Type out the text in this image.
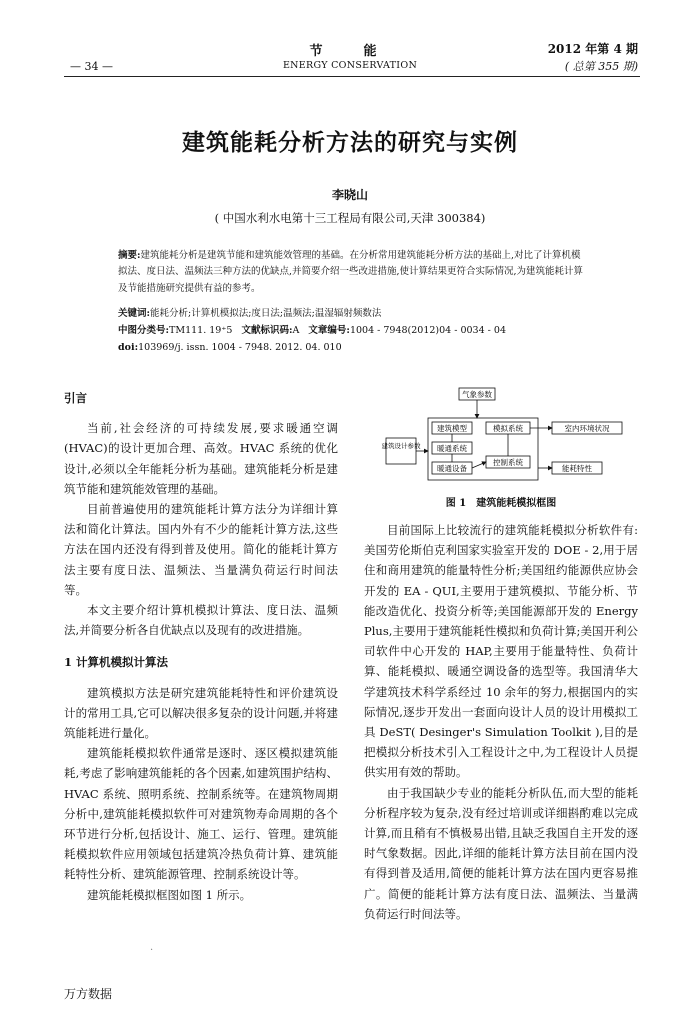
节　能
ENERGY CONSERVATION
2012 年第 4 期
( 总第 355 期)
— 34 —
建筑能耗分析方法的研究与实例
李晓山
( 中国水利水电第十三工程局有限公司,天津 300384)
摘要:建筑能耗分析是建筑节能和建筑能效管理的基础。在分析常用建筑能耗分析方法的基础上,对比了计算机模拟法、度日法、温频法三种方法的优缺点,并简要介绍一些改进措施,使计算结果更符合实际情况,为建筑能耗计算及节能措施研究提供有益的参考。
关键词:能耗分析;计算机模拟法;度日法;温频法;温湿辐射频数法
中图分类号:TM111. 19⁺5 文献标识码:A 文章编号:1004 - 7948(2012)04 - 0034 - 04
doi:103969/j. issn. 1004 - 7948. 2012. 04. 010
引言

当前,社会经济的可持续发展,要求暖通空调(HVAC)的设计更加合理、高效。HVAC 系统的优化设计,必须以全年能耗分析为基础。建筑能耗分析是建筑节能和建筑能效管理的基础。

目前普遍使用的建筑能耗计算方法分为详细计算法和简化计算法。国内外有不少的能耗计算方法,这些方法在国内还没有得到普及使用。简化的能耗计算方法主要有度日法、温频法、当量满负荷运行时间法等。

本文主要介绍计算机模拟计算法、度日法、温频法,并简要分析各自优缺点以及现有的改进措施。

1 计算机模拟计算法

建筑模拟方法是研究建筑能耗特性和评价建筑设计的常用工具,它可以解决很多复杂的设计问题,并将建筑能耗进行量化。

建筑能耗模拟软件通常是逐时、逐区模拟建筑能耗,考虑了影响建筑能耗的各个因素,如建筑围护结构、HVAC 系统、照明系统、控制系统等。在建筑物周期分析中,建筑能耗模拟软件可对建筑物寿命周期的各个环节进行分析,包括设计、施工、运行、管理。建筑能耗模拟软件应用领域包括建筑冷热负荷计算、建筑能耗特性分析、建筑能源管理、控制系统设计等。

建筑能耗模拟框图如图 1 所示。

气象参数
建筑设计参数
建筑模型
暖通系统
暖通设备
模拟系统
控制系统
室内环境状况
能耗特性
图 1　建筑能耗模拟框图

目前国际上比较流行的建筑能耗模拟分析软件有:美国劳伦斯伯克利国家实验室开发的 DOE - 2,用于居住和商用建筑的能量特性分析;美国纽约能源供应协会开发的 EA - QUI,主要用于建筑模拟、节能分析、节能改造优化、投资分析等;美国能源部开发的 Energy Plus,主要用于建筑能耗性模拟和负荷计算;美国开利公司软件中心开发的 HAP,主要用于能量特性、负荷计算、能耗模拟、暖通空调设备的选型等。我国清华大学建筑技术科学系经过 10 余年的努力,根据国内的实际情况,逐步开发出一套面向设计人员的设计用模拟工具 DeST( Desinger's Simulation Toolkit ),目的是把模拟分析技术引入工程设计之中,为工程设计人员提供实用有效的帮助。

由于我国缺少专业的能耗分析队伍,而大型的能耗分析程序较为复杂,没有经过培训或详细斟酌难以完成计算,而且稍有不慎极易出错,且缺乏我国自主开发的逐时气象数据。因此,详细的能耗计算方法目前在国内没有得到普及适用,简便的能耗计算方法在国内更容易推广。简便的能耗计算方法有度日法、温频法、当量满负荷运行时间法等。

·
万方数据
